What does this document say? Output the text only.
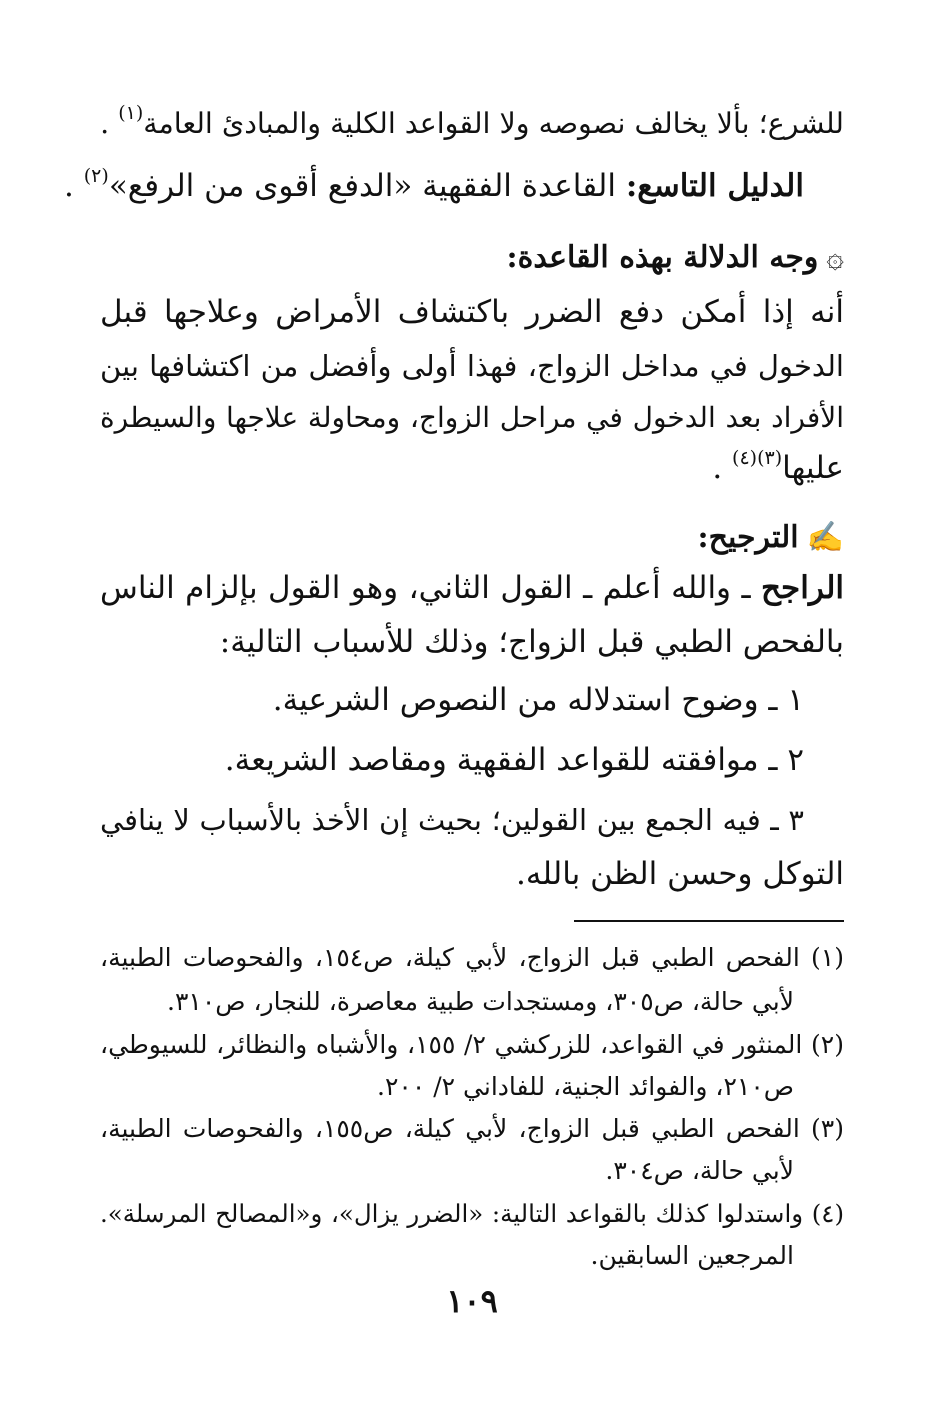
للشرع؛ بألا يخالف نصوصه ولا القواعد الكلية والمبادئ العامة$^{(١)}$ .
الدليل التاسع: القاعدة الفقهية «الدفع أقوى من الرفع»$^{(٢)}$ .
۞وجه الدلالة بهذه القاعدة:
أنه إذا أمكن دفع الضرر باكتشاف الأمراض وعلاجها قبل
الدخول في مداخل الزواج، فهذا أولى وأفضل من اكتشافها بين
الأفراد بعد الدخول في مراحل الزواج، ومحاولة علاجها والسيطرة
عليها$^{(٣)(٤)}$ .
✍الترجيح:
الراجح ـ والله أعلم ـ القول الثاني، وهو القول بإلزام الناس
بالفحص الطبي قبل الزواج؛ وذلك للأسباب التالية:
١ ـ وضوح استدلاله من النصوص الشرعية.
٢ ـ موافقته للقواعد الفقهية ومقاصد الشريعة.
٣ ـ فيه الجمع بين القولين؛ بحيث إن الأخذ بالأسباب لا ينافي
التوكل وحسن الظن بالله.
(١) الفحص الطبي قبل الزواج، لأبي كيلة، ص١٥٤، والفحوصات الطبية،
لأبي حالة، ص٣٠٥، ومستجدات طبية معاصرة، للنجار، ص٣١٠.
(٢) المنثور في القواعد، للزركشي ٢/ ١٥٥، والأشباه والنظائر، للسيوطي،
ص٢١٠، والفوائد الجنية، للفاداني ٢/ ٢٠٠.
(٣) الفحص الطبي قبل الزواج، لأبي كيلة، ص١٥٥، والفحوصات الطبية،
لأبي حالة، ص٣٠٤.
(٤) واستدلوا كذلك بالقواعد التالية: «الضرر يزال»، و«المصالح المرسلة».
المرجعين السابقين.
١٠٩
